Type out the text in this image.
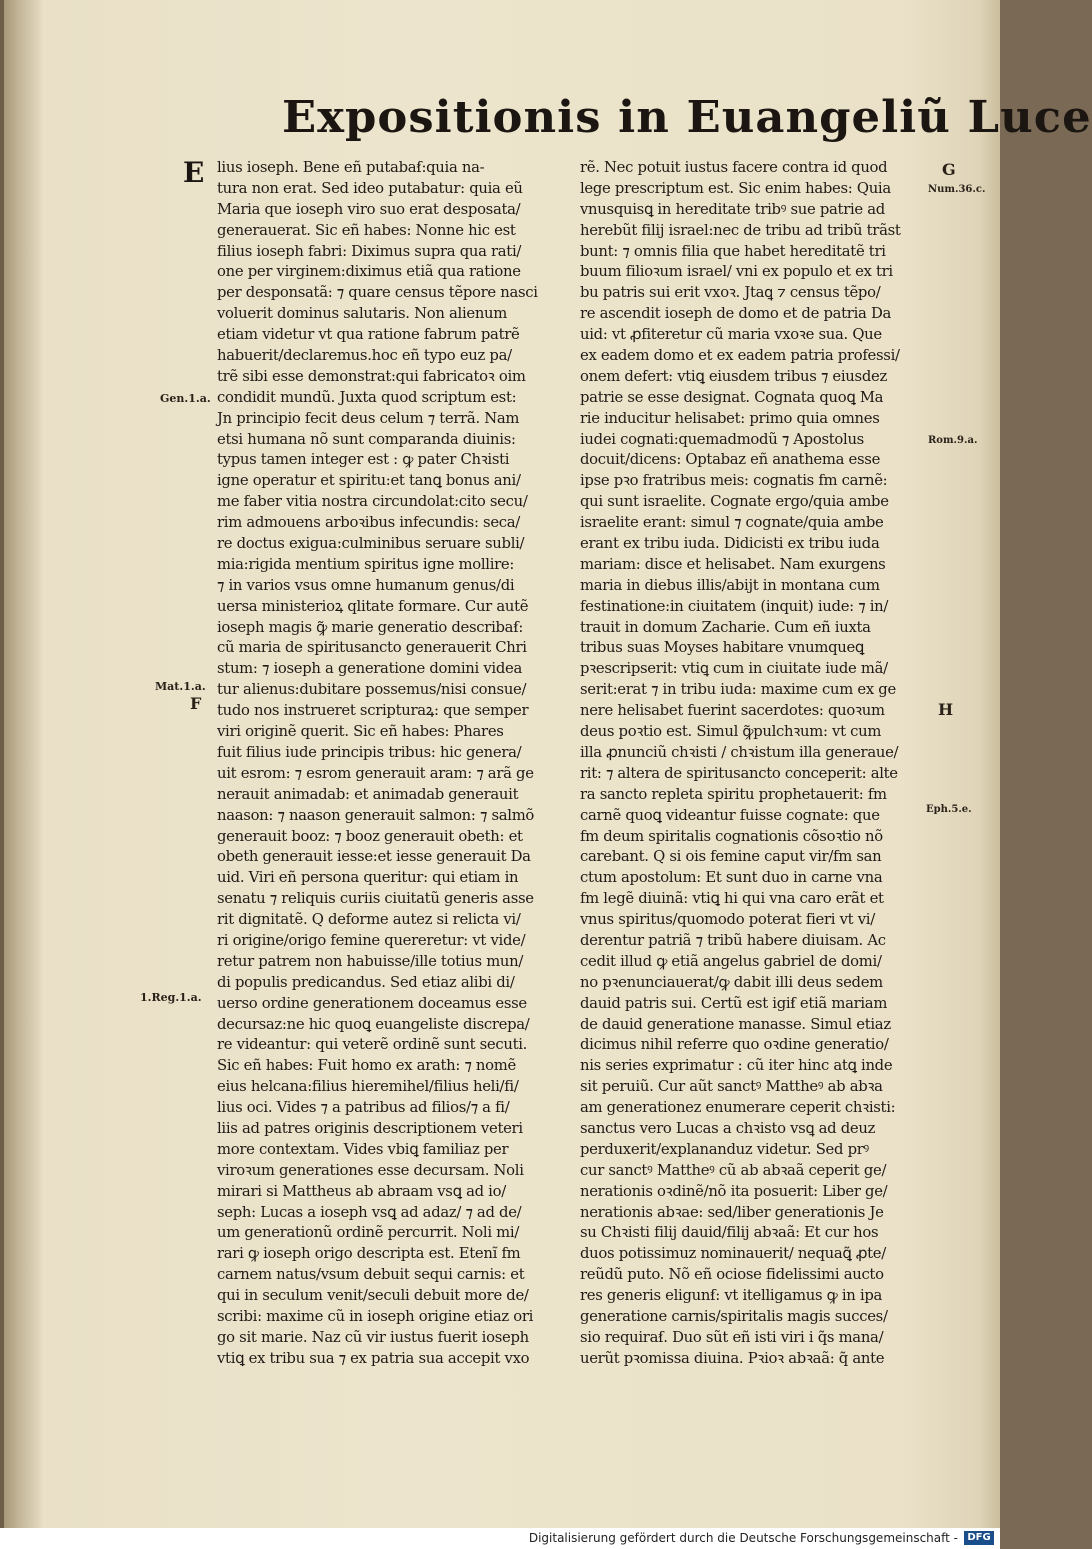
Expositionis in Euangeliũ Luce
E lius ioseph. Bene eñ putabaẜ:quia na-
tura non erat. Sed ideo putabatur: quia eũ
Maria que ioseph viro suo erat desposata/
generauerat. Sic eñ habes: Nonne hic est
filius ioseph fabri: Diximus supra qua rati/
one per virginem:diximus etiã qua ratione
per desponsatã: ⁊ quare census tẽpore nasci
voluerit dominus salutaris. Non alienum
etiam videtur vt qua ratione fabrum patrẽ
habuerit/declaremus.hoc eñ typo euz pa/
trẽ sibi esse demonstrat:qui fabricatoꝛ oim
condidit mundũ. Juxta quod scriptum est:
Jn principio fecit deus celum ⁊ terrã. Nam
etsi humana nõ sunt comparanda diuinis:
typus tamen integer est : ꝙ pater Chꝛisti
igne operatur et spiritu:et tanꝗ bonus ani/
me faber vitia nostra circundolat:cito secu/
rim admouens arboꝛibus infecundis: seca/
re doctus exigua:culminibus seruare subli/
mia:rigida mentium spiritus igne mollire:
⁊ in varios vsus omne humanum genus/di
uersa ministerioꝝ qlitate formare. Cur autẽ
ioseph magis ꝙ̃ marie generatio describaẜ:
cũ maria de spiritusancto generauerit Chri
stum: ⁊ ioseph a generatione domini videa
tur alienus:dubitare possemus/nisi consue/
tudo nos instrueret scripturaꝝ: que semper
viri originẽ querit. Sic eñ habes: Phares
fuit filius iude principis tribus: hic genera/
uit esrom: ⁊ esrom generauit aram: ⁊ arã ge
nerauit animadab: et animadab generauit
naason: ⁊ naason generauit salmon: ⁊ salmõ
generauit booz: ⁊ booz generauit obeth: et
obeth generauit iesse:et iesse generauit Da
uid. Viri eñ persona queritur: qui etiam in
senatu ⁊ reliquis curiis ciuitatũ generis asse
rit dignitatẽ. Q deforme autez si relicta vi/
ri origine/origo femine quereretur: vt vide/
retur patrem non habuisse/ille totius mun/
di populis predicandus. Sed etiaz alibi di/
uerso ordine generationem doceamus esse
decursaz:ne hic quoꝗ euangeliste discrepa/
re videantur: qui veterẽ ordinẽ sunt secuti.
Sic eñ habes: Fuit homo ex arath: ⁊ nomẽ
eius helcana:filius hieremihel/filius heli/fi/
lius oci. Vides ⁊ a patribus ad filios/⁊ a fi/
liis ad patres originis descriptionem veteri
more contextam. Vides vbiꝗ familiaz per
viroꝛum generationes esse decursam. Noli
mirari si Mattheus ab abraam vsꝗ ad io/
seph: Lucas a ioseph vsꝗ ad adaz/ ⁊ ad de/
um generationũ ordinẽ percurrit. Noli mi/
rari ꝙ ioseph origo descripta est. Etenĩ fm
carnem natus/vsum debuit sequi carnis: et
qui in seculum venit/seculi debuit more de/
scribi: maxime cũ in ioseph origine etiaz ori
go sit marie. Naz cũ vir iustus fuerit ioseph
vtiꝗ ex tribu sua ⁊ ex patria sua accepit vxo
rẽ. Nec potuit iustus facere contra id quod
lege prescriptum est. Sic enim habes: Quia
vnusquisꝗ in hereditate tribꝰ sue patrie ad
herebũt filij israel:nec de tribu ad tribũ trãst
bunt: ⁊ omnis filia que habet hereditatẽ tri
buum filioꝛum israel/ vni ex populo et ex tri
bu patris sui erit vxoꝛ. Jtaꝗ ⁊ census tẽpo/
re ascendit ioseph de domo et de patria Da
uid: vt ꝓfiteretur cũ maria vxoꝛe sua. Que
ex eadem domo et ex eadem patria professi/
onem defert: vtiꝗ eiusdem tribus ⁊ eiusdez
patrie se esse designat. Cognata quoꝗ Ma
rie inducitur helisabet: primo quia omnes
iudei cognati:quemadmodũ ⁊ Apostolus
docuit/dicens: Optabaz eñ anathema esse
ipse pꝛo fratribus meis: cognatis fm carnẽ:
qui sunt israelite. Cognate ergo/quia ambe
israelite erant: simul ⁊ cognate/quia ambe
erant ex tribu iuda. Didicisti ex tribu iuda
mariam: disce et helisabet. Nam exurgens
maria in diebus illis/abijt in montana cum
festinatione:in ciuitatem (inquit) iude: ⁊ in/
trauit in domum Zacharie. Cum eñ iuxta
tribus suas Moyses habitare vnumqueꝗ
pꝛescripserit: vtiꝗ cum in ciuitate iude mã/
serit:erat ⁊ in tribu iuda: maxime cum ex ge
nere helisabet fuerint sacerdotes: quoꝛum
deus poꝛtio est. Simul ꝙ̃pulchꝛum: vt cum
illa ꝓnunciũ chꝛisti / chꝛistum illa generaue/
rit: ⁊ altera de spiritusancto conceperit: alte
ra sancto repleta spiritu prophetauerit: fm
carnẽ quoꝗ videantur fuisse cognate: que
fm deum spiritalis cognationis cõsoꝛtio nõ
carebant. Q si ois femine caput vir/fm san
ctum apostolum: Et sunt duo in carne vna
fm legẽ diuinã: vtiꝗ hi qui vna caro erãt et
vnus spiritus/quomodo poterat fieri vt vi/
derentur patriã ⁊ tribũ habere diuisam. Ac
cedit illud ꝙ etiã angelus gabriel de domi/
no pꝛenunciauerat/ꝙ dabit illi deus sedem
dauid patris sui. Certũ est igiẜ etiã mariam
de dauid generatione manasse. Simul etiaz
dicimus nihil referre quo oꝛdine generatio/
nis series exprimatur : cũ iter hinc atꝗ inde
sit peruiũ. Cur aũt sanctꝰ Mattheꝰ ab abꝛa
am generationez enumerare ceperit chꝛisti:
sanctus vero Lucas a chꝛisto vsꝗ ad deuz
perduxerit/explananduz videtur. Sed prꝰ
cur sanctꝰ Mattheꝰ cũ ab abꝛaã ceperit ge/
nerationis oꝛdinẽ/nõ ita posuerit: Liber ge/
nerationis abꝛae: sed/liber generationis Je
su Chꝛisti filij dauid/filij abꝛaã: Et cur hos
duos potissimuz nominauerit/ nequaꝗ̃ ꝓte/
reũdũ puto. Nõ eñ ociose fidelissimi aucto
res generis eligunẜ: vt itelligamus ꝙ in ipa
generatione carnis/spiritalis magis succes/
sio requiraẜ. Duo sũt eñ isti viri i q̃s mana/
uerũt pꝛomissa diuina. Pꝛioꝛ abꝛaã: q̃ ante
Gen.1.a.
Mat.1.a.
F
1.Reg.1.a.
G
Num.36.c.
Rom.9.a.
H
Eph.5.e.
Digitalisierung gefördert durch die Deutsche Forschungsgemeinschaft - DFG
